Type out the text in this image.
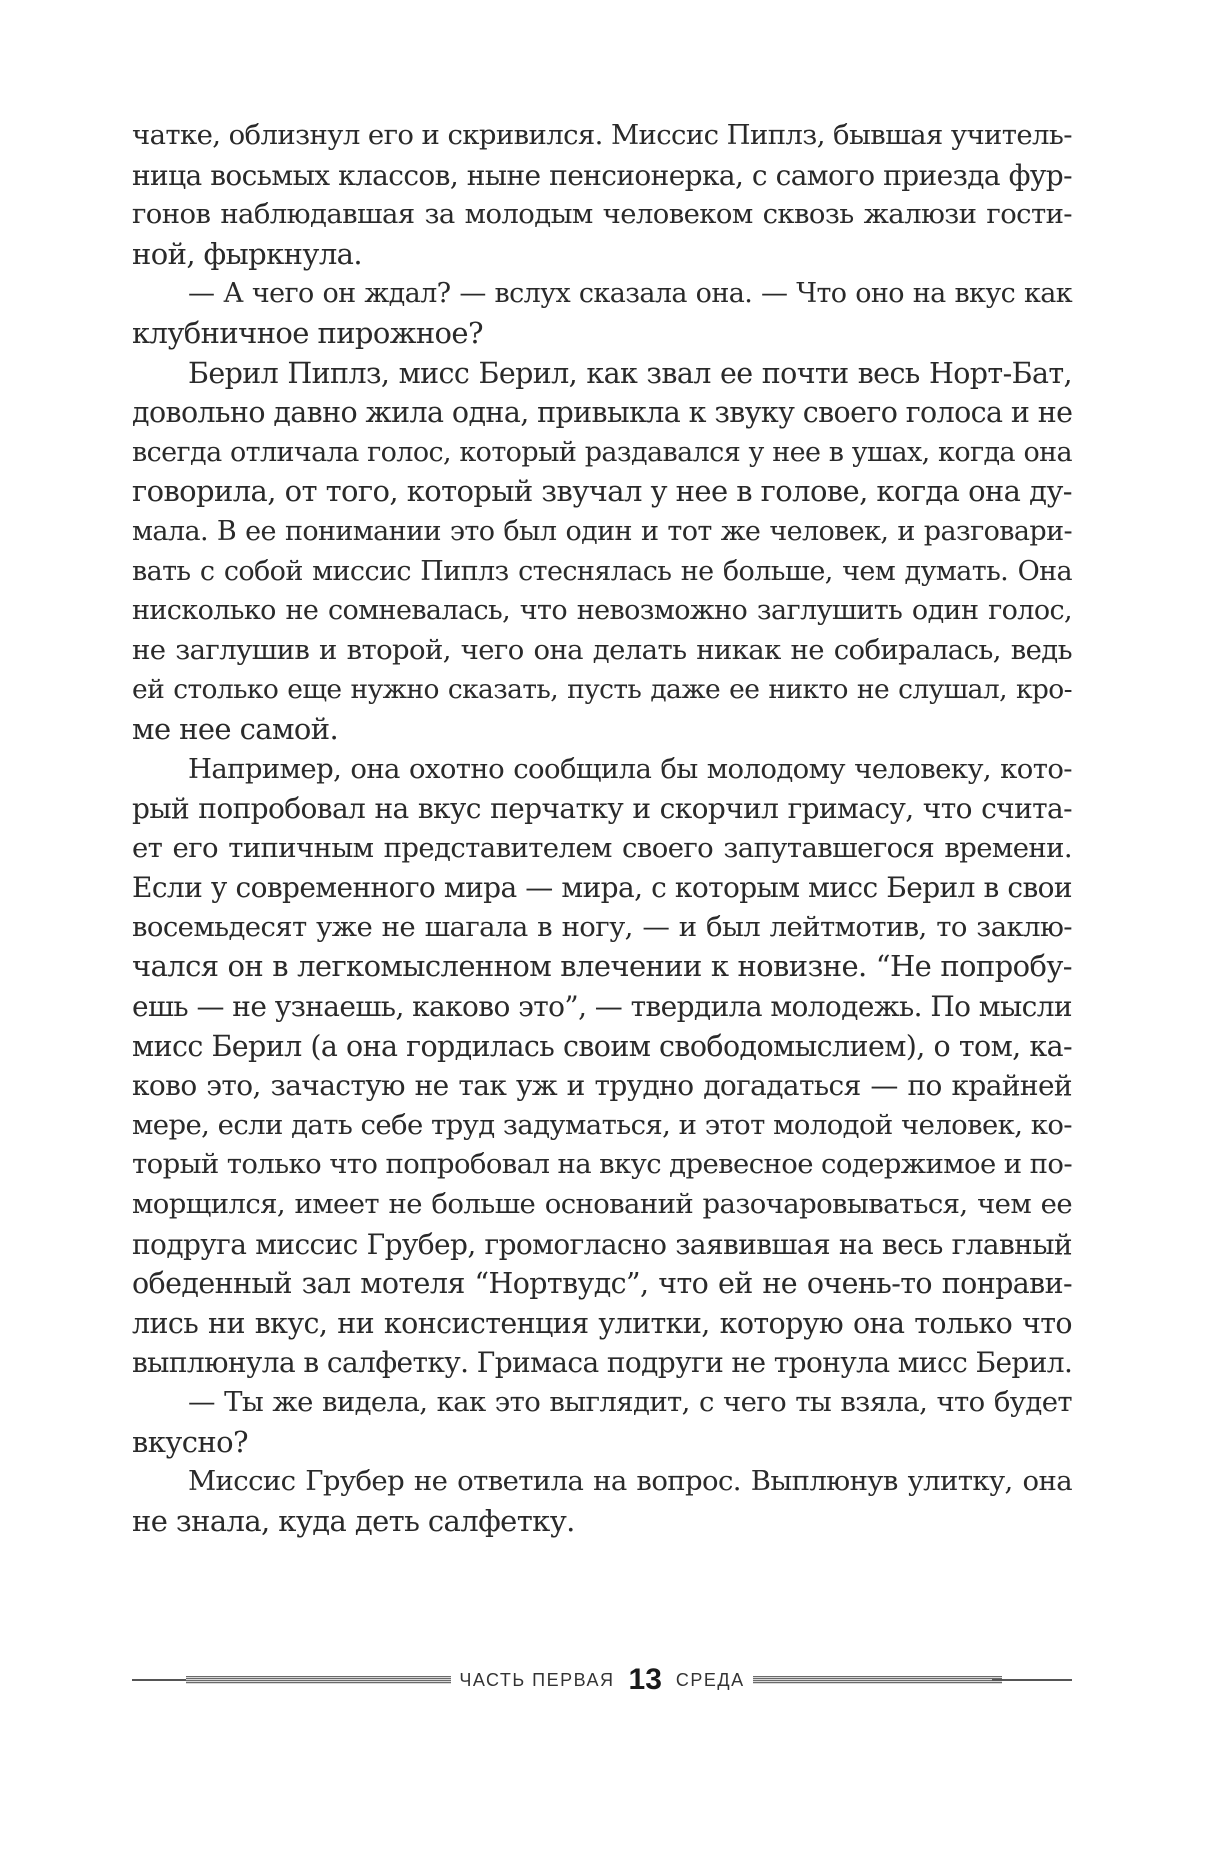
чатке, облизнул его и скривился. Миссис Пиплз, бывшая учитель-
ница восьмых классов, ныне пенсионерка, с самого приезда фур-
гонов наблюдавшая за молодым человеком сквозь жалюзи гости-
ной, фыркнула.
— А чего он ждал? — вслух сказала она. — Что оно на вкус как
клубничное пирожное?
Берил Пиплз, мисс Берил, как звал ее почти весь Норт-Бат,
довольно давно жила одна, привыкла к звуку своего голоса и не
всегда отличала голос, который раздавался у нее в ушах, когда она
говорила, от того, который звучал у нее в голове, когда она ду-
мала. В ее понимании это был один и тот же человек, и разговари-
вать с собой миссис Пиплз стеснялась не больше, чем думать. Она
нисколько не сомневалась, что невозможно заглушить один голос,
не заглушив и второй, чего она делать никак не собиралась, ведь
ей столько еще нужно сказать, пусть даже ее никто не слушал, кро-
ме нее самой.
Например, она охотно сообщила бы молодому человеку, кото-
рый попробовал на вкус перчатку и скорчил гримасу, что счита-
ет его типичным представителем своего запутавшегося времени.
Если у современного мира — мира, с которым мисс Берил в свои
восемьдесят уже не шагала в ногу, — и был лейтмотив, то заклю-
чался он в легкомысленном влечении к новизне. “Не попробу-
ешь — не узнаешь, каково это”, — твердила молодежь. По мысли
мисс Берил (а она гордилась своим свободомыслием), о том, ка-
ково это, зачастую не так уж и трудно догадаться — по крайней
мере, если дать себе труд задуматься, и этот молодой человек, ко-
торый только что попробовал на вкус древесное содержимое и по-
морщился, имеет не больше оснований разочаровываться, чем ее
подруга миссис Грубер, громогласно заявившая на весь главный
обеденный зал мотеля “Нортвудс”, что ей не очень-то понрави-
лись ни вкус, ни консистенция улитки, которую она только что
выплюнула в салфетку. Гримаса подруги не тронула мисс Берил.
— Ты же видела, как это выглядит, с чего ты взяла, что будет
вкусно?
Миссис Грубер не ответила на вопрос. Выплюнув улитку, она
не знала, куда деть салфетку.
ЧАСТЬ ПЕРВАЯ 13 СРЕДА
